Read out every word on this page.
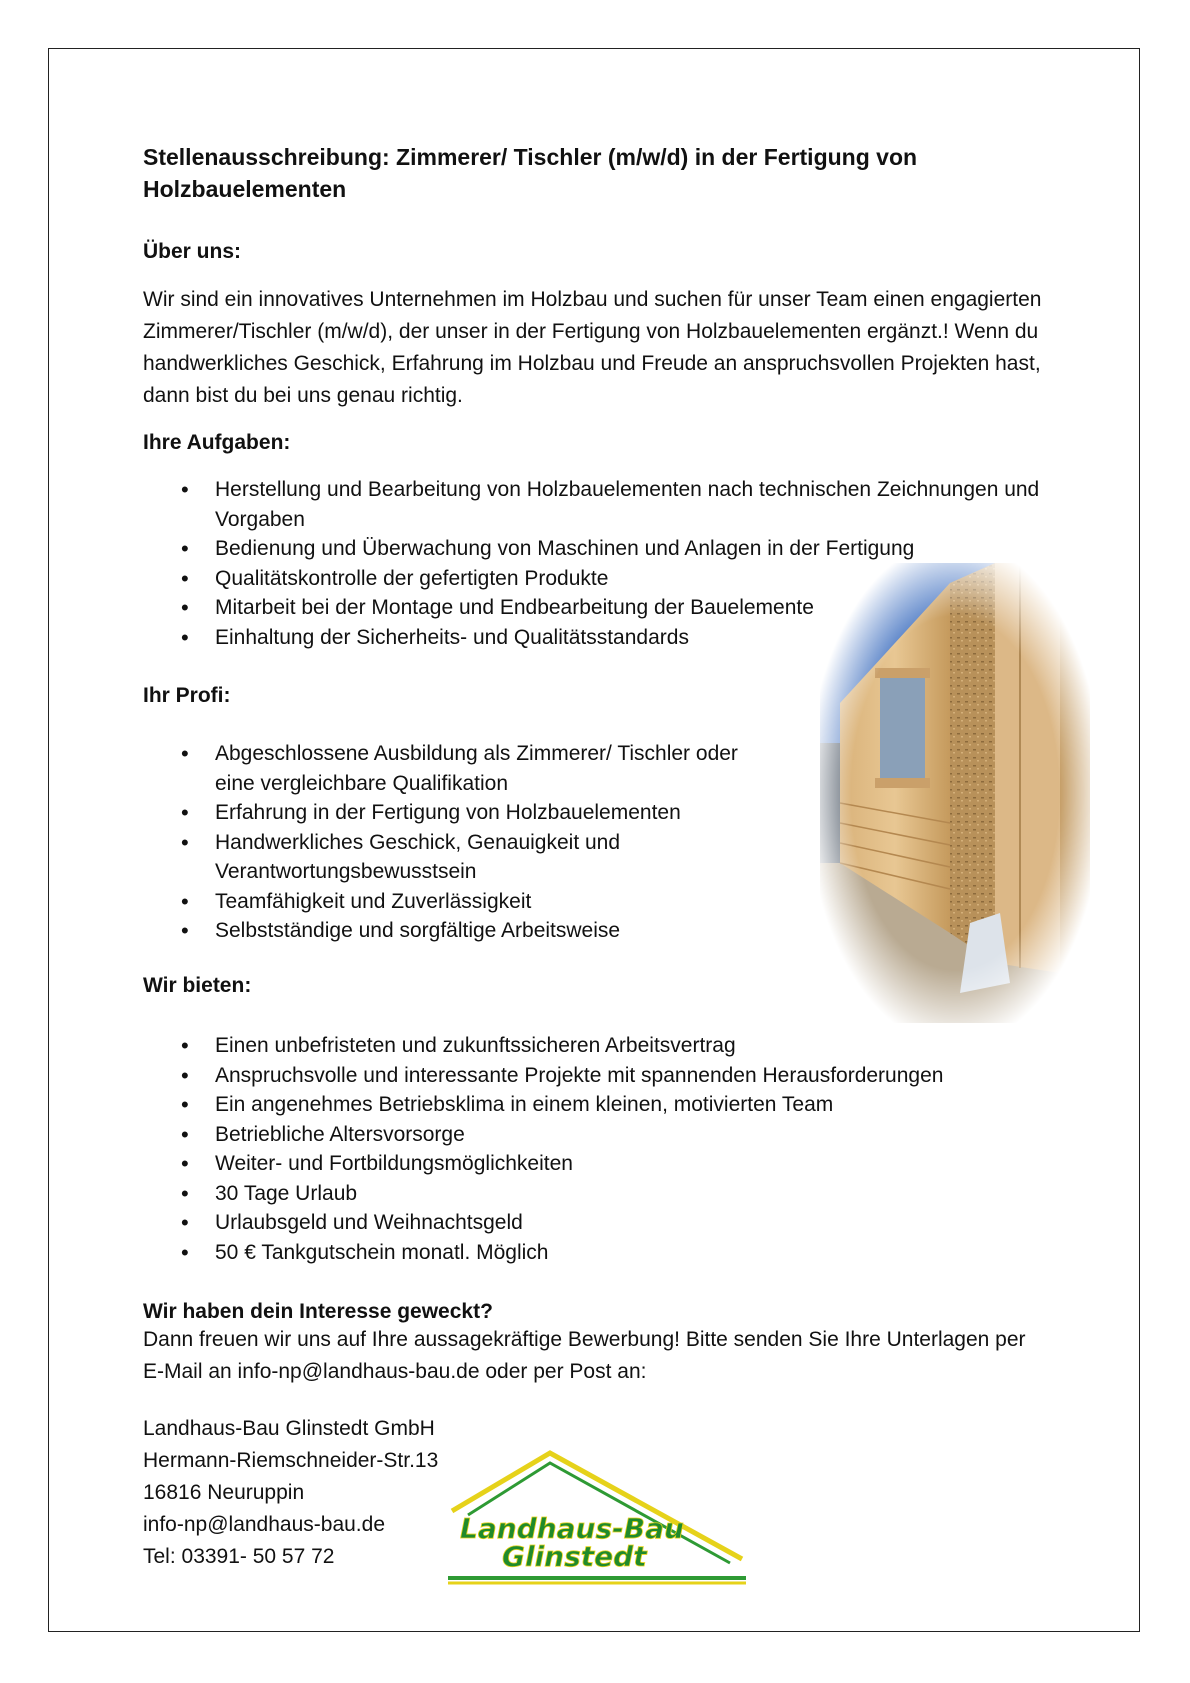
Stellenausschreibung: Zimmerer/ Tischler (m/w/d) in der Fertigung von Holzbauelementen
Über uns:

Wir sind ein innovatives Unternehmen im Holzbau und suchen für unser Team einen engagierten Zimmerer/Tischler (m/w/d), der unser in der Fertigung von Holzbauelementen ergänzt.! Wenn du handwerkliches Geschick, Erfahrung im Holzbau und Freude an anspruchsvollen Projekten hast, dann bist du bei uns genau richtig.

Ihre Aufgaben:
• Herstellung und Bearbeitung von Holzbauelementen nach technischen Zeichnungen und Vorgaben
• Bedienung und Überwachung von Maschinen und Anlagen in der Fertigung
• Qualitätskontrolle der gefertigten Produkte
• Mitarbeit bei der Montage und Endbearbeitung der Bauelemente
• Einhaltung der Sicherheits- und Qualitätsstandards
Ihr Profi:
• Abgeschlossene Ausbildung als Zimmerer/ Tischler oder eine vergleichbare Qualifikation
• Erfahrung in der Fertigung von Holzbauelementen
• Handwerkliches Geschick, Genauigkeit und Verantwortungsbewusstsein
• Teamfähigkeit und Zuverlässigkeit
• Selbstständige und sorgfältige Arbeitsweise
Wir bieten:
• Einen unbefristeten und zukunftssicheren Arbeitsvertrag
• Anspruchsvolle und interessante Projekte mit spannenden Herausforderungen
• Ein angenehmes Betriebsklima in einem kleinen, motivierten Team
• Betriebliche Altersvorsorge
• Weiter- und Fortbildungsmöglichkeiten
• 30 Tage Urlaub
• Urlaubsgeld und Weihnachtsgeld
• 50 € Tankgutschein monatl. Möglich
Wir haben dein Interesse geweckt?

Dann freuen wir uns auf Ihre aussagekräftige Bewerbung! Bitte senden Sie Ihre Unterlagen per E-Mail an info-np@landhaus-bau.de oder per Post an:

Landhaus-Bau Glinstedt GmbH
Hermann-Riemschneider-Str.13
16816 Neuruppin
info-np@landhaus-bau.de
Tel: 03391- 50 57 72
Landhaus-Bau
Glinstedt
